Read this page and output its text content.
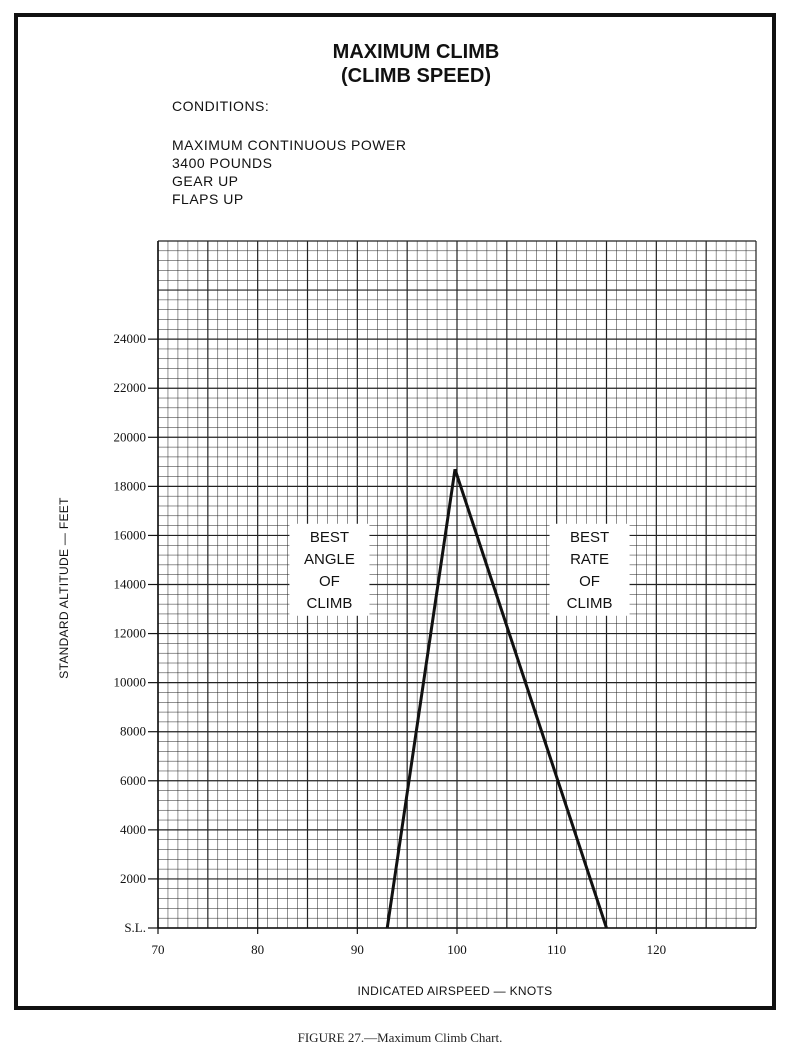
MAXIMUM CLIMB
(CLIMB SPEED)
CONDITIONS:
MAXIMUM CONTINUOUS POWER
3400 POUNDS
GEAR UP
FLAPS UP
S.L.
2000
4000
6000
8000
10000
12000
14000
16000
18000
20000
22000
24000
70	80	90	100	110	120
BEST
ANGLE
OF
CLIMB
BEST
RATE
OF
CLIMB
INDICATED AIRSPEED — KNOTS
STANDARD ALTITUDE — FEET
FIGURE 27.—Maximum Climb Chart.
